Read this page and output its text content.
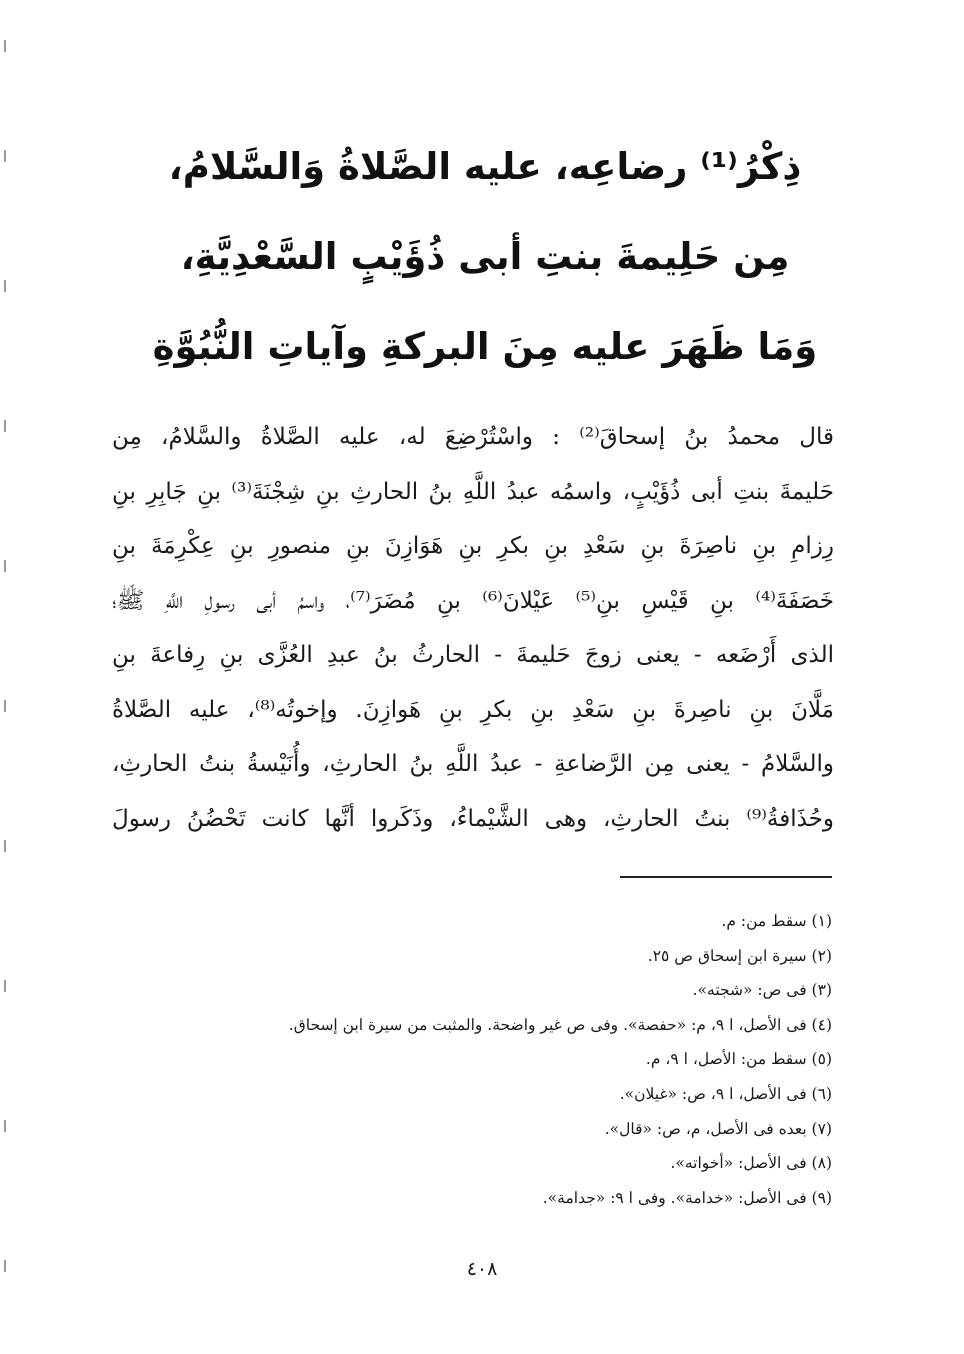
ذِكْرُ⁽¹⁾ رضاعِه، عليه الصَّلاةُ وَالسَّلامُ،
مِن حَلِيمةَ بنتِ أبى ذُؤَيْبٍ السَّعْدِيَّةِ،
وَمَا ظَهَرَ عليه مِنَ البركةِ وآياتِ النُّبُوَّةِ
قال محمدُ بنُ إسحاقَ⁽²⁾ : واسْتُرْضِعَ له، عليه الصَّلاةُ والسَّلامُ، مِن
حَليمةَ بنتِ أبى ذُؤَيْبٍ، واسمُه عبدُ اللَّهِ بنُ الحارثِ بنِ شِجْنَةَ⁽³⁾ بنِ جَابِرِ بنِ
رِزامِ بنِ ناصِرَةَ بنِ سَعْدِ بنِ بكرِ بنِ هَوَازِنَ بنِ منصورِ بنِ عِكْرِمَةَ بنِ
خَصَفَةَ⁽⁴⁾ بنِ قَيْسِ بنِ⁽⁵⁾ عَيْلانَ⁽⁶⁾ بنِ مُضَرَ⁽⁷⁾، واسمُ أبى رسولِ اللَّهِ ﷺ؛
الذى أَرْضَعه - يعنى زوجَ حَليمةَ - الحارثُ بنُ عبدِ العُزَّى بنِ رِفاعةَ بنِ
مَلَّانَ بنِ ناصِرةَ بنِ سَعْدِ بنِ بكرِ بنِ هَوازِنَ. وإخوتُه⁽⁸⁾، عليه الصَّلاةُ
والسَّلامُ - يعنى مِن الرَّضاعةِ - عبدُ اللَّهِ بنُ الحارثِ، وأُنَيْسةُ بنتُ الحارثِ،
وحُذَافةُ⁽⁹⁾ بنتُ الحارثِ، وهى الشَّيْماءُ، وذَكَروا أنَّها كانت تَحْضُنُ رسولَ
(١) سقط من: م.
(٢) سيرة ابن إسحاق ص ٢٥.
(٣) فى ص: «شجته».
(٤) فى الأصل، ا ٩، م: «حفصة». وفى ص غير واضحة. والمثبت من سيرة ابن إسحاق.
(٥) سقط من: الأصل، ا ٩، م.
(٦) فى الأصل، ا ٩، ص: «غيلان».
(٧) بعده فى الأصل، م، ص: «قال».
(٨) فى الأصل: «أخواته».
(٩) فى الأصل: «خدامة». وفى ا ٩: «جدامة».
٤٠٨
